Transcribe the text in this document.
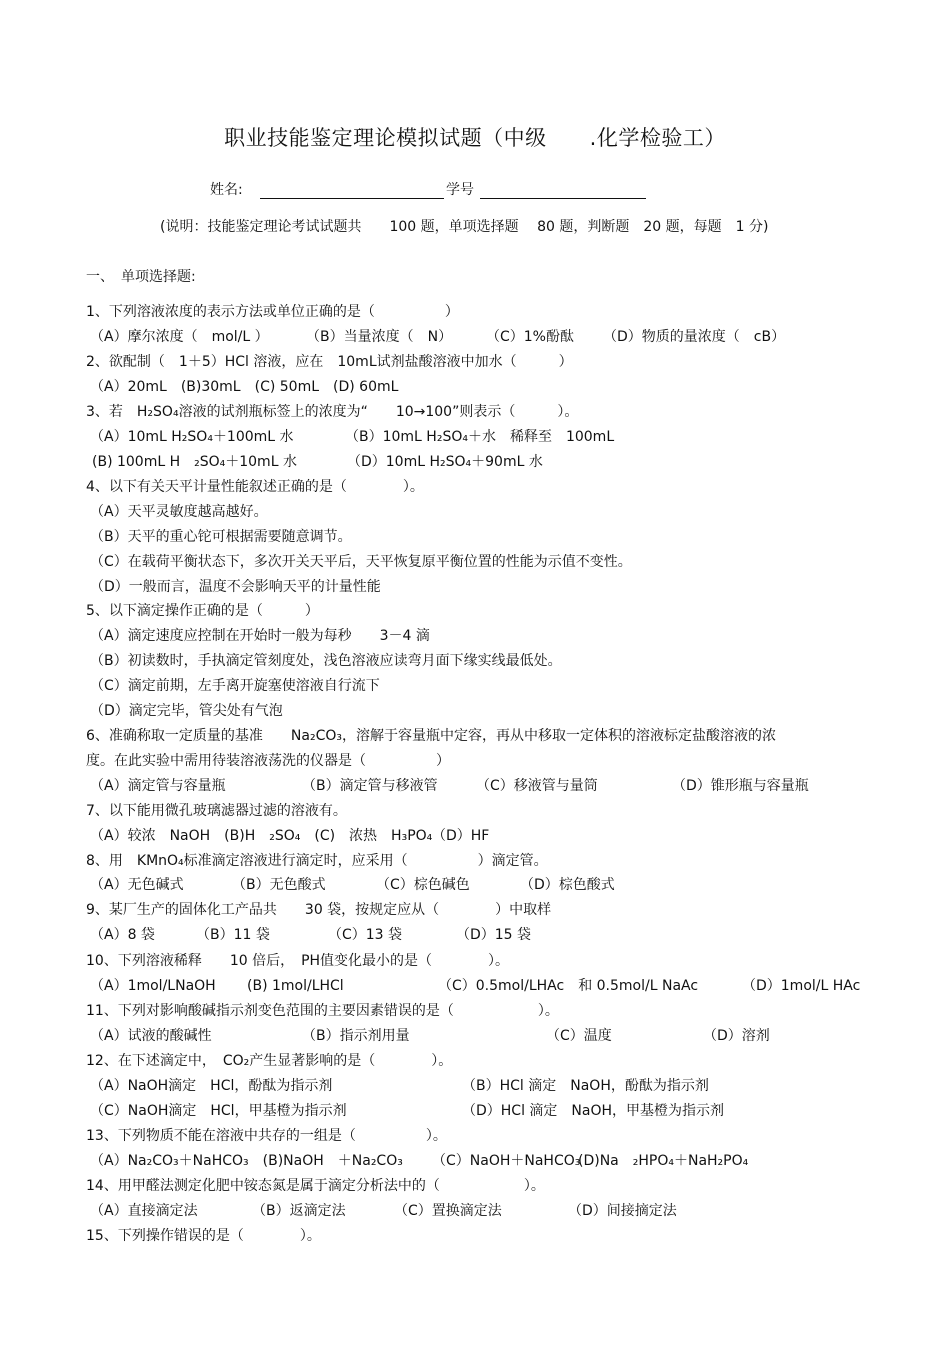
职业技能鉴定理论模拟试题（中级　　.化学检验工）
姓名:	学号
(说明：技能鉴定理论考试试题共　　100 题，单项选择题　 80 题，判断题　20 题，每题　1 分)
一、　单项选择题:
1、下列溶液浓度的表示方法或单位正确的是（　　　　　）
（A）摩尔浓度（　mol/L ）	（B）当量浓度（　N） （C）1%酚酞 （D）物质的量浓度（　cB）
2、欲配制（　1＋5）HCl 溶液，应在　10mL试剂盐酸溶液中加水（　　　）
（A）20mL　(B)30mL　(C) 50mL　(D) 60mL
3、若　H₂SO₄溶液的试剂瓶标签上的浓度为“　　10→100”则表示（　　　）。
（A）10mL H₂SO₄＋100mL 水	（B）10mL H₂SO₄＋水　稀释至　100mL
(B) 100mL H　₂SO₄＋10mL 水	（D）10mL H₂SO₄＋90mL 水
4、以下有关天平计量性能叙述正确的是（　　　　）。
（A）天平灵敏度越高越好。
（B）天平的重心铊可根据需要随意调节。
（C）在载荷平衡状态下，多次开关天平后，天平恢复原平衡位置的性能为示值不变性。
（D）一般而言，温度不会影响天平的计量性能
5、以下滴定操作正确的是（　　　）
（A）滴定速度应控制在开始时一般为每秒　　3－4 滴
（B）初读数时，手执滴定管刻度处，浅色溶液应读弯月面下缘实线最低处。
（C）滴定前期，左手离开旋塞使溶液自行流下
（D）滴定完毕，管尖处有气泡
6、准确称取一定质量的基准　　Na₂CO₃，溶解于容量瓶中定容，再从中移取一定体积的溶液标定盐酸溶液的浓
度。在此实验中需用待装溶液荡洗的仪器是（　　　　　）
（A）滴定管与容量瓶	（B）滴定管与移液管	（C）移液管与量筒	（D）锥形瓶与容量瓶
7、以下能用微孔玻璃滤器过滤的溶液有。
（A）较浓　NaOH　(B)H　₂SO₄　(C)　浓热　H₃PO₄ （D）HF
8、用　KMnO₄标准滴定溶液进行滴定时，应采用（　　　　　）滴定管。
（A）无色碱式	（B）无色酸式	（C）棕色碱色	（D）棕色酸式
9、某厂生产的固体化工产品共　　30 袋，按规定应从（　　　　）中取样
（A）8 袋	（B）11 袋	（C）13 袋	（D）15 袋
10、下列溶液稀释　　10 倍后，　PH值变化最小的是（　　　　）。
（A）1mol/LNaOH (B) 1mol/LHCl	（C）0.5mol/LHAc　和 0.5mol/L NaAc	（D）1mol/L HAc
11、下列对影响酸碱指示剂变色范围的主要因素错误的是（　　　　　　）。
（A）试液的酸碱性	（B）指示剂用量	（C）温度	（D）溶剂
12、在下述滴定中，　CO₂产生显著影响的是（　　　　）。
（A）NaOH滴定　HCl，酚酞为指示剂	（B）HCl 滴定　NaOH，酚酞为指示剂
（C）NaOH滴定　HCl，甲基橙为指示剂	（D）HCl 滴定　NaOH，甲基橙为指示剂
13、下列物质不能在溶液中共存的一组是（　　　　　）。
（A）Na₂CO₃＋NaHCO₃　(B)NaOH　＋Na₂CO₃ （C）NaOH＋NaHCO₃
(D)Na　₂HPO₄＋NaH₂PO₄
14、用甲醛法测定化肥中铵态氮是属于滴定分析法中的（　　　　　　）。
（A）直接滴定法	（B）返滴定法	（C）置换滴定法	（D）间接摘定法
15、下列操作错误的是（　　　　）。
